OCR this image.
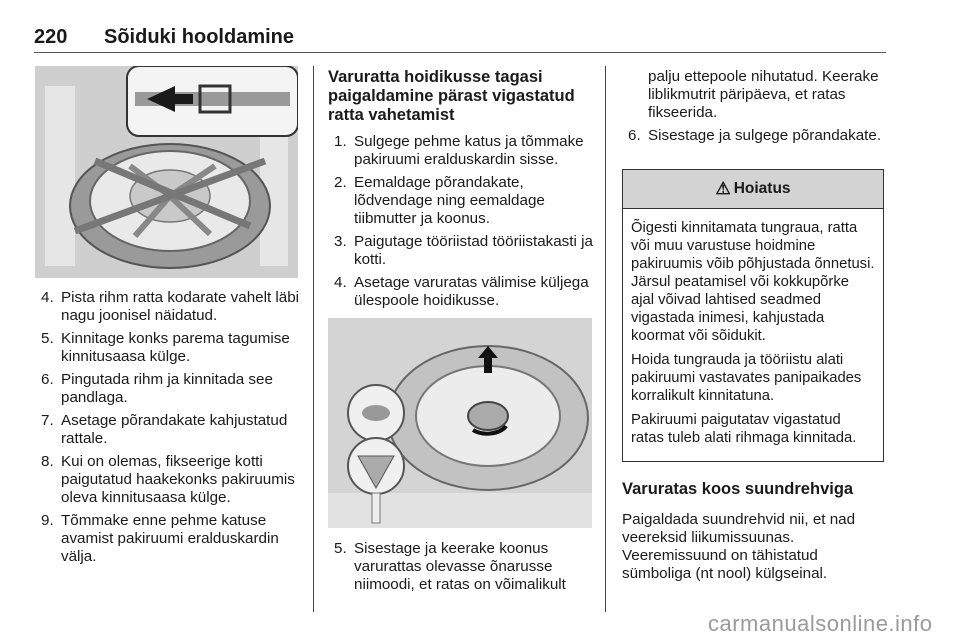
220 Sõiduki hooldamine
4. Pista rihm ratta kodarate vahelt läbi nagu joonisel näidatud.
5. Kinnitage konks parema tagumise kinnitusaasa külge.
6. Pingutada rihm ja kinnitada see pandlaga.
7. Asetage põrandakate kahjustatud rattale.
8. Kui on olemas, fikseerige kotti paigutatud haakekonks pakiruumis oleva kinnitusaasa külge.
9. Tõmmake enne pehme katuse avamist pakiruumi eralduskardin välja.
Varuratta hoidikusse tagasi paigaldamine pärast vigastatud ratta vahetamist
1. Sulgege pehme katus ja tõmmake pakiruumi eralduskardin sisse.
2. Eemaldage põrandakate, lõdvendage ning eemaldage tiibmutter ja koonus.
3. Paigutage tööriistad tööriistakasti ja kotti.
4. Asetage varuratas välimise küljega ülespoole hoidikusse.
5. Sisestage ja keerake koonus varurattas olevasse õnarusse niimoodi, et ratas on võimalikult

palju ettepoole nihutatud. Keerake liblikmutrit päripäeva, et ratas fikseerida.

6. Sisestage ja sulgege põrandakate.
⚠ Hoiatus

Õigesti kinnitamata tungraua, ratta või muu varustuse hoidmine pakiruumis võib põhjustada õnnetusi. Järsul peatamisel või kokkupõrke ajal võivad lahtised seadmed vigastada inimesi, kahjustada koormat või sõidukit.

Hoida tungrauda ja tööriistu alati pakiruumi vastavates panipaikades korralikult kinnitatuna.

Pakiruumi paigutatav vigastatud ratas tuleb alati rihmaga kinnitada.

Varuratas koos suundrehviga

Paigaldada suundrehvid nii, et nad veereksid liikumissuunas.

Veeremissuund on tähistatud sümboliga (nt nool) külgseinal.

carmanualsonline.info
